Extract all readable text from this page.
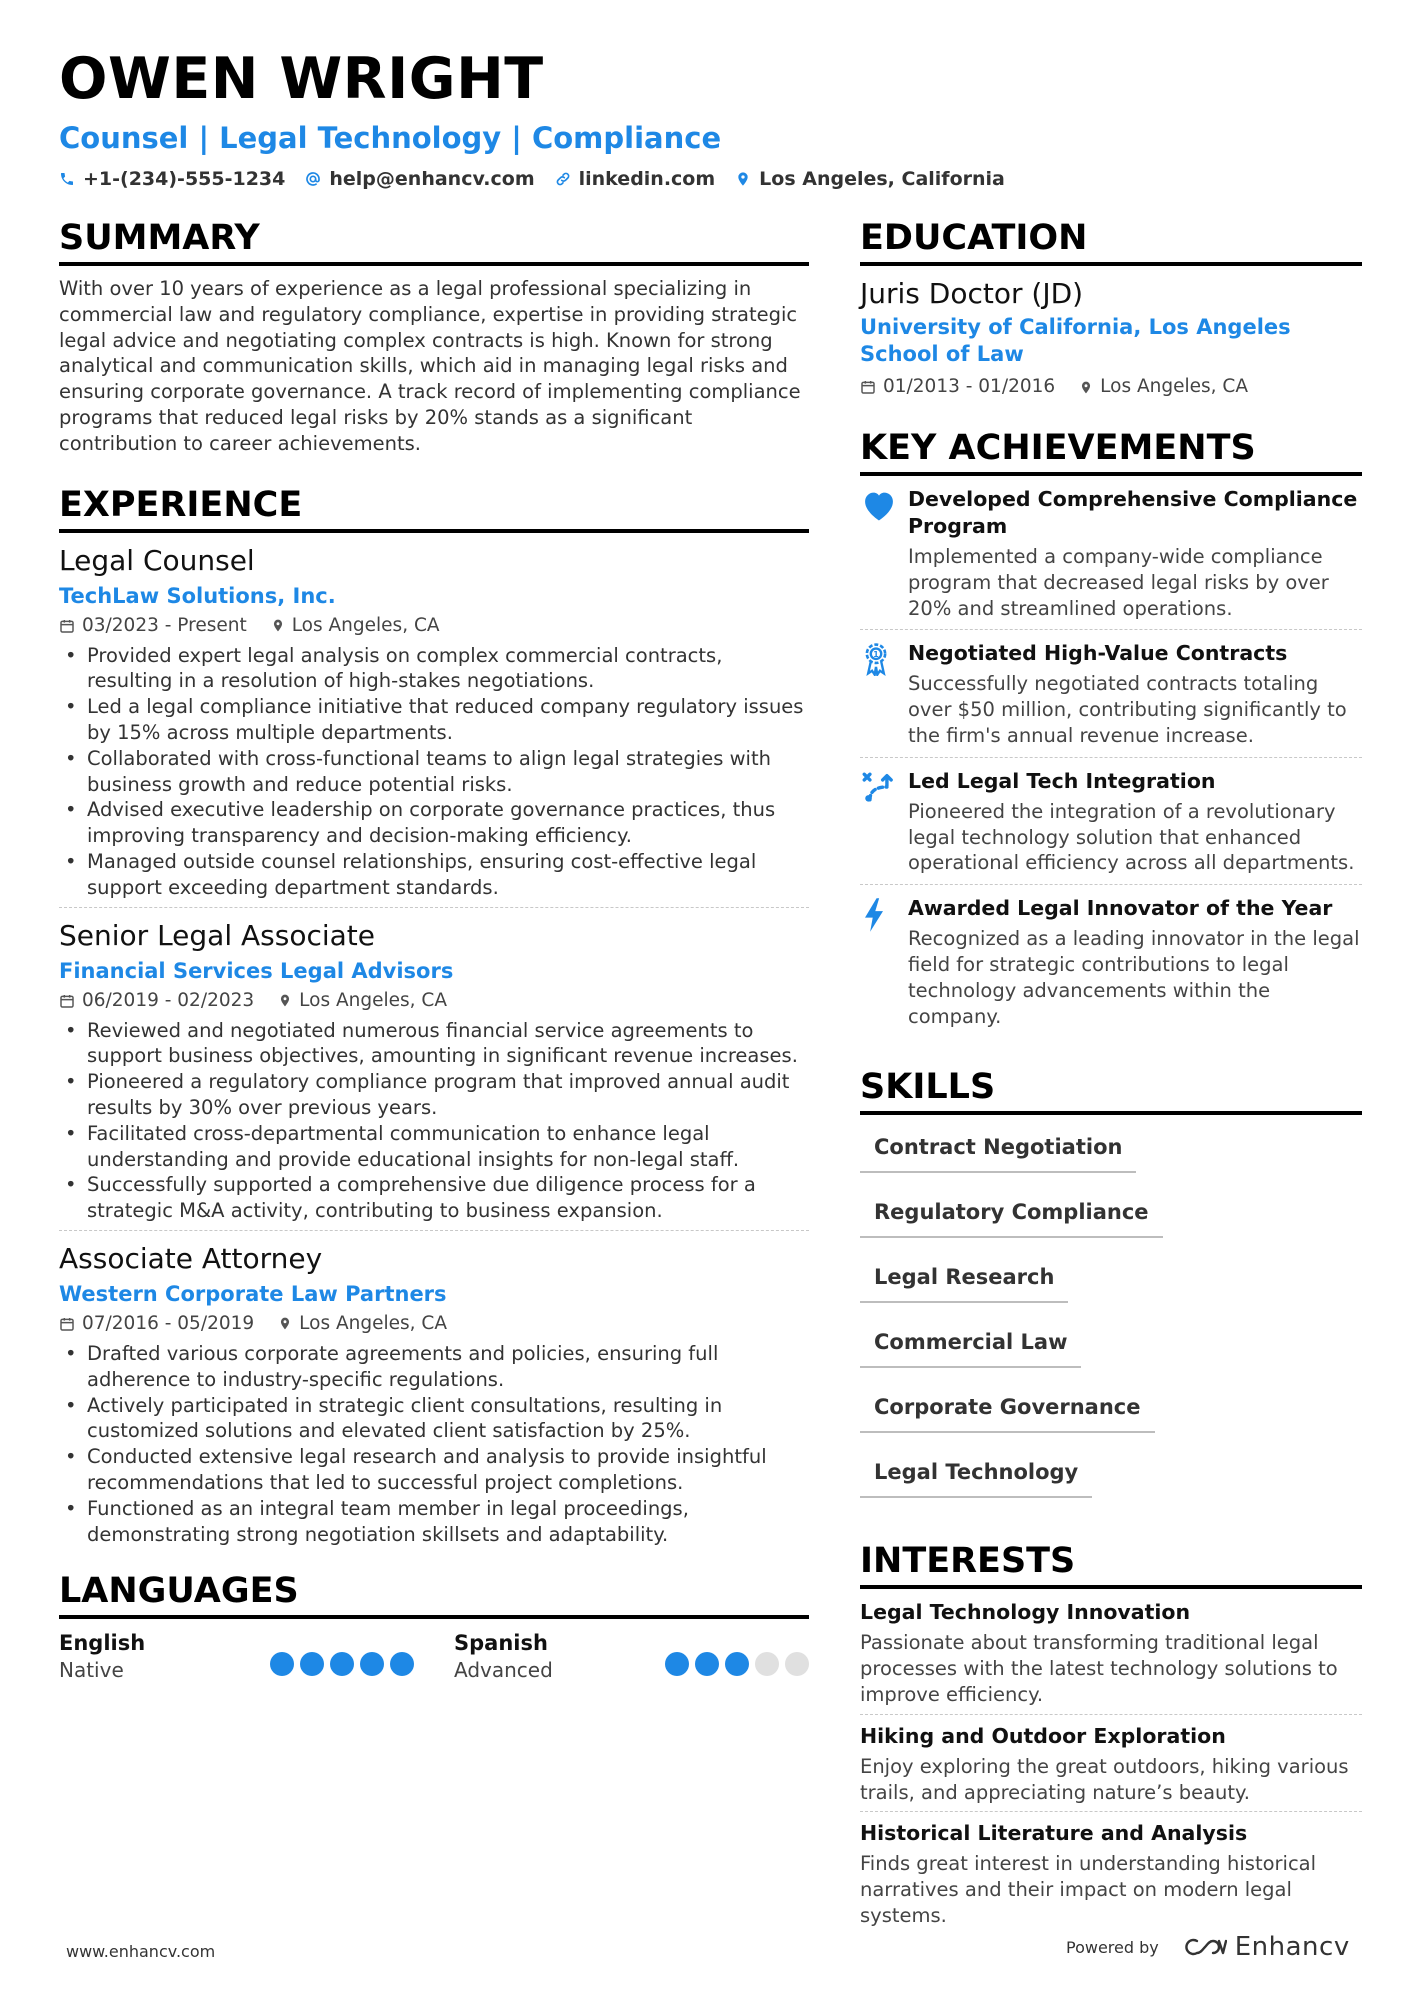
OWEN WRIGHT
Counsel | Legal Technology | Compliance
+1-(234)-555-1234 help@enhancv.com linkedin.com Los Angeles, California
SUMMARY
With over 10 years of experience as a legal professional specializing in commercial law and regulatory compliance, expertise in providing strategic legal advice and negotiating complex contracts is high. Known for strong analytical and communication skills, which aid in managing legal risks and ensuring corporate governance. A track record of implementing compliance programs that reduced legal risks by 20% stands as a significant contribution to career achievements.
EXPERIENCE
Legal Counsel
TechLaw Solutions, Inc.
03/2023 - Present Los Angeles, CA
• Provided expert legal analysis on complex commercial contracts, resulting in a resolution of high-stakes negotiations.
• Led a legal compliance initiative that reduced company regulatory issues by 15% across multiple departments.
• Collaborated with cross-functional teams to align legal strategies with business growth and reduce potential risks.
• Advised executive leadership on corporate governance practices, thus improving transparency and decision-making efficiency.
• Managed outside counsel relationships, ensuring cost-effective legal support exceeding department standards.
Senior Legal Associate
Financial Services Legal Advisors
06/2019 - 02/2023 Los Angeles, CA
• Reviewed and negotiated numerous financial service agreements to support business objectives, amounting in significant revenue increases.
• Pioneered a regulatory compliance program that improved annual audit results by 30% over previous years.
• Facilitated cross-departmental communication to enhance legal understanding and provide educational insights for non-legal staff.
• Successfully supported a comprehensive due diligence process for a strategic M&A activity, contributing to business expansion.
Associate Attorney
Western Corporate Law Partners
07/2016 - 05/2019 Los Angeles, CA
• Drafted various corporate agreements and policies, ensuring full adherence to industry-specific regulations.
• Actively participated in strategic client consultations, resulting in customized solutions and elevated client satisfaction by 25%.
• Conducted extensive legal research and analysis to provide insightful recommendations that led to successful project completions.
• Functioned as an integral team member in legal proceedings, demonstrating strong negotiation skillsets and adaptability.
LANGUAGES
English
Native
Spanish
Advanced
EDUCATION
Juris Doctor (JD)
University of California, Los Angeles School of Law
01/2013 - 01/2016 Los Angeles, CA
KEY ACHIEVEMENTS
Developed Comprehensive Compliance Program
Implemented a company-wide compliance program that decreased legal risks by over 20% and streamlined operations.
1 Negotiated High-Value Contracts
Successfully negotiated contracts totaling over $50 million, contributing significantly to the firm's annual revenue increase.
Led Legal Tech Integration
Pioneered the integration of a revolutionary legal technology solution that enhanced operational efficiency across all departments.
Awarded Legal Innovator of the Year
Recognized as a leading innovator in the legal field for strategic contributions to legal technology advancements within the company.
SKILLS
Contract Negotiation
Regulatory Compliance
Legal Research
Commercial Law
Corporate Governance
Legal Technology
INTERESTS
Legal Technology Innovation
Passionate about transforming traditional legal processes with the latest technology solutions to improve efficiency.
Hiking and Outdoor Exploration
Enjoy exploring the great outdoors, hiking various trails, and appreciating nature’s beauty.
Historical Literature and Analysis
Finds great interest in understanding historical narratives and their impact on modern legal systems.
www.enhancv.com	Powered by	Enhancv
